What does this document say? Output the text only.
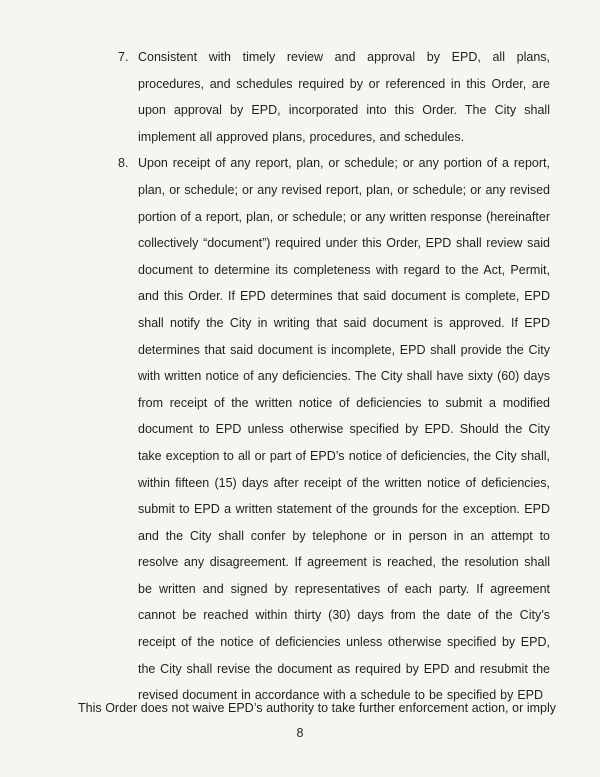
7. Consistent with timely review and approval by EPD, all plans, procedures, and schedules required by or referenced in this Order, are upon approval by EPD, incorporated into this Order. The City shall implement all approved plans, procedures, and schedules.
8. Upon receipt of any report, plan, or schedule; or any portion of a report, plan, or schedule; or any revised report, plan, or schedule; or any revised portion of a report, plan, or schedule; or any written response (hereinafter collectively “document”) required under this Order, EPD shall review said document to determine its completeness with regard to the Act, Permit, and this Order. If EPD determines that said document is complete, EPD shall notify the City in writing that said document is approved. If EPD determines that said document is incomplete, EPD shall provide the City with written notice of any deficiencies. The City shall have sixty (60) days from receipt of the written notice of deficiencies to submit a modified document to EPD unless otherwise specified by EPD. Should the City take exception to all or part of EPD’s notice of deficiencies, the City shall, within fifteen (15) days after receipt of the written notice of deficiencies, submit to EPD a written statement of the grounds for the exception. EPD and the City shall confer by telephone or in person in an attempt to resolve any disagreement. If agreement is reached, the resolution shall be written and signed by representatives of each party. If agreement cannot be reached within thirty (30) days from the date of the City’s receipt of the notice of deficiencies unless otherwise specified by EPD, the City shall revise the document as required by EPD and resubmit the revised document in accordance with a schedule to be specified by EPD
This Order does not waive EPD’s authority to take further enforcement action, or imply
8
